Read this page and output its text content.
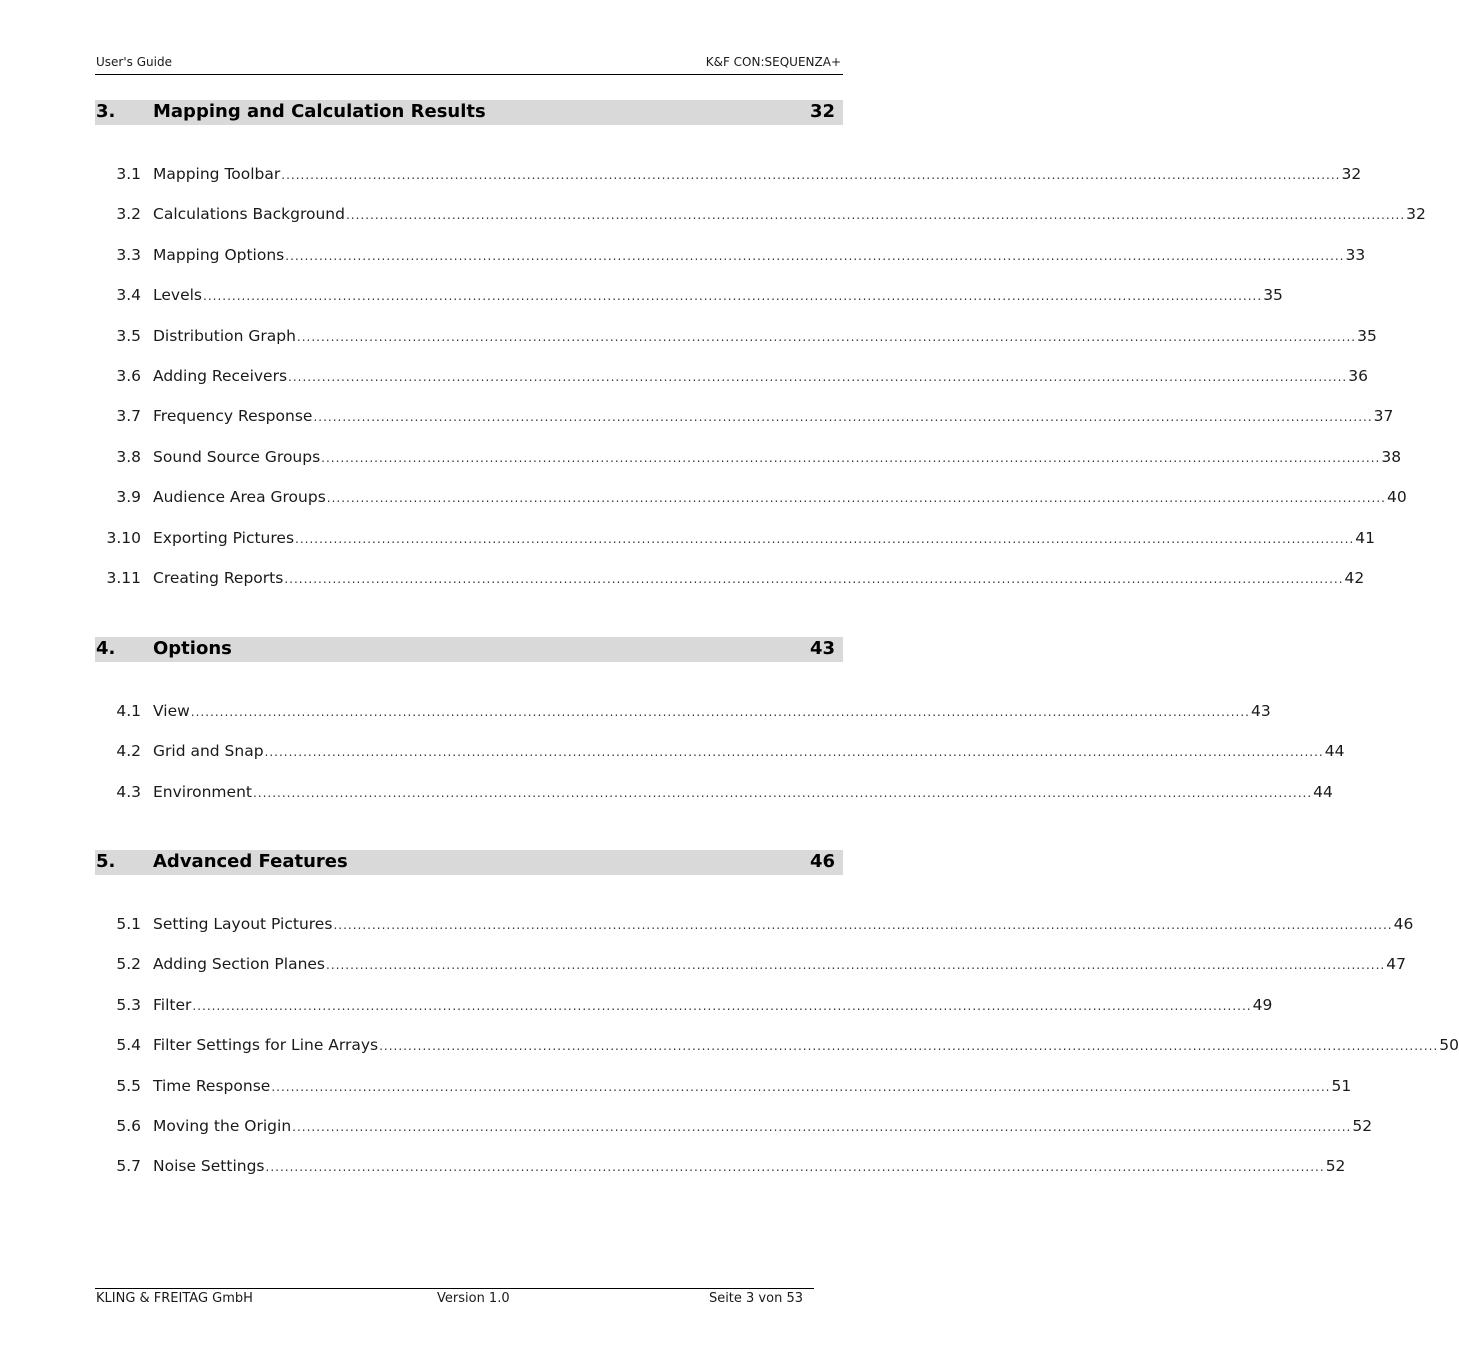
User's Guide	K&F CON:SEQUENZA+
3. Mapping and Calculation Results	32
3.1 Mapping Toolbar ............................................................................................................................................................................................................................ 32
3.2 Calculations Background ............................................................................................................................................................................................................................ 32
3.3 Mapping Options ............................................................................................................................................................................................................................ 33
3.4 Levels ............................................................................................................................................................................................................................ 35
3.5 Distribution Graph ............................................................................................................................................................................................................................ 35
3.6 Adding Receivers ............................................................................................................................................................................................................................ 36
3.7 Frequency Response ............................................................................................................................................................................................................................ 37
3.8 Sound Source Groups ............................................................................................................................................................................................................................ 38
3.9 Audience Area Groups ............................................................................................................................................................................................................................ 40
3.10 Exporting Pictures ............................................................................................................................................................................................................................ 41
3.11 Creating Reports ............................................................................................................................................................................................................................ 42
4. Options	43
4.1 View ............................................................................................................................................................................................................................ 43
4.2 Grid and Snap ............................................................................................................................................................................................................................ 44
4.3 Environment ............................................................................................................................................................................................................................ 44
5. Advanced Features	46
5.1 Setting Layout Pictures ............................................................................................................................................................................................................................ 46
5.2 Adding Section Planes ............................................................................................................................................................................................................................ 47
5.3 Filter ............................................................................................................................................................................................................................ 49
5.4 Filter Settings for Line Arrays ............................................................................................................................................................................................................................ 50
5.5 Time Response ............................................................................................................................................................................................................................ 51
5.6 Moving the Origin ............................................................................................................................................................................................................................ 52
5.7 Noise Settings ............................................................................................................................................................................................................................ 52
KLING & FREITAG GmbH	Version 1.0	Seite 3 von 53
